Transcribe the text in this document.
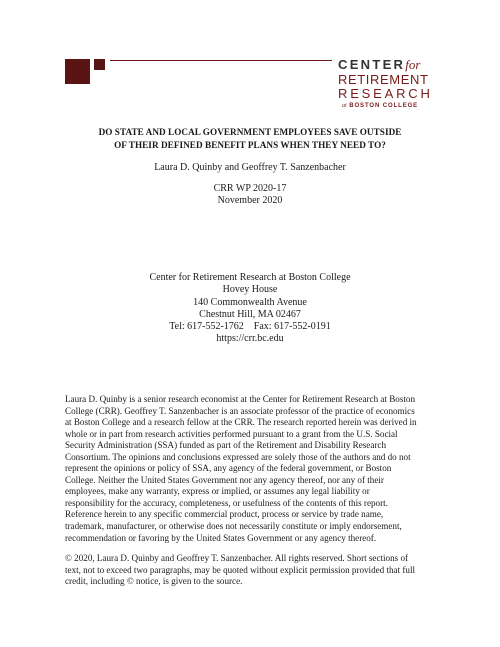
CENTERfor
RETIREMENT
RESEARCH
at BOSTON COLLEGE
DO STATE AND LOCAL GOVERNMENT EMPLOYEES SAVE OUTSIDE
OF THEIR DEFINED BENEFIT PLANS WHEN THEY NEED TO?
Laura D. Quinby and Geoffrey T. Sanzenbacher
CRR WP 2020-17
November 2020
Center for Retirement Research at Boston College
Hovey House
140 Commonwealth Avenue
Chestnut Hill, MA 02467
Tel: 617-552-1762    Fax: 617-552-0191
https://crr.bc.edu
Laura D. Quinby is a senior research economist at the Center for Retirement Research at Boston
College (CRR). Geoffrey T. Sanzenbacher is an associate professor of the practice of economics
at Boston College and a research fellow at the CRR. The research reported herein was derived in
whole or in part from research activities performed pursuant to a grant from the U.S. Social
Security Administration (SSA) funded as part of the Retirement and Disability Research
Consortium. The opinions and conclusions expressed are solely those of the authors and do not
represent the opinions or policy of SSA, any agency of the federal government, or Boston
College. Neither the United States Government nor any agency thereof, nor any of their
employees, make any warranty, express or implied, or assumes any legal liability or
responsibility for the accuracy, completeness, or usefulness of the contents of this report.
Reference herein to any specific commercial product, process or service by trade name,
trademark, manufacturer, or otherwise does not necessarily constitute or imply endorsement,
recommendation or favoring by the United States Government or any agency thereof.
© 2020, Laura D. Quinby and Geoffrey T. Sanzenbacher. All rights reserved. Short sections of
text, not to exceed two paragraphs, may be quoted without explicit permission provided that full
credit, including © notice, is given to the source.
